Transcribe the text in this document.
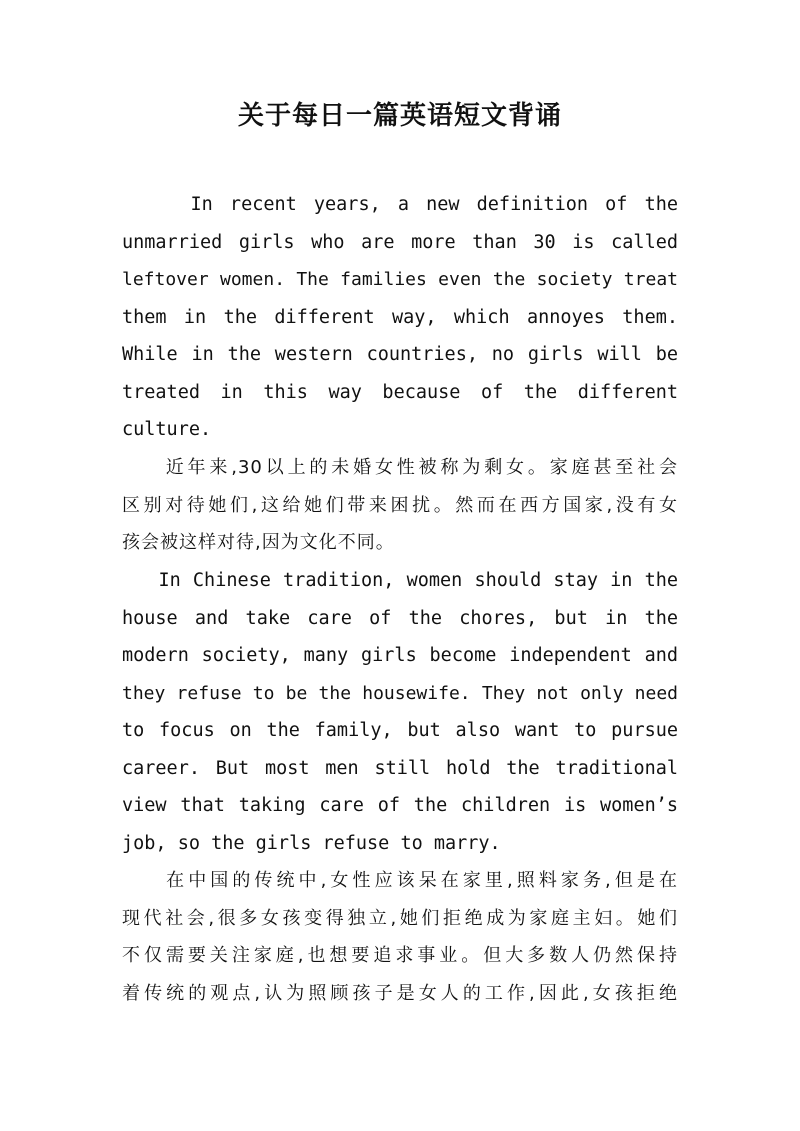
关于每日一篇英语短文背诵
In recent years, a new definition of the
unmarried girls who are more than 30 is called
leftover women. The families even the society treat
them in the different way, which annoyes them.
While in the western countries, no girls will be
treated in this way because of the different
culture.
　　近年来,30以上的未婚女性被称为剩女。家庭甚至社会
区别对待她们,这给她们带来困扰。然而在西方国家,没有女
孩会被这样对待,因为文化不同。
In Chinese tradition, women should stay in the
house and take care of the chores, but in the
modern society, many girls become independent and
they refuse to be the housewife. They not only need
to focus on the family, but also want to pursue
career. But most men still hold the traditional
view that taking care of the children is women’s
job, so the girls refuse to marry.
　　在中国的传统中,女性应该呆在家里,照料家务,但是在
现代社会,很多女孩变得独立,她们拒绝成为家庭主妇。她们
不仅需要关注家庭,也想要追求事业。但大多数人仍然保持
着传统的观点,认为照顾孩子是女人的工作,因此,女孩拒绝
